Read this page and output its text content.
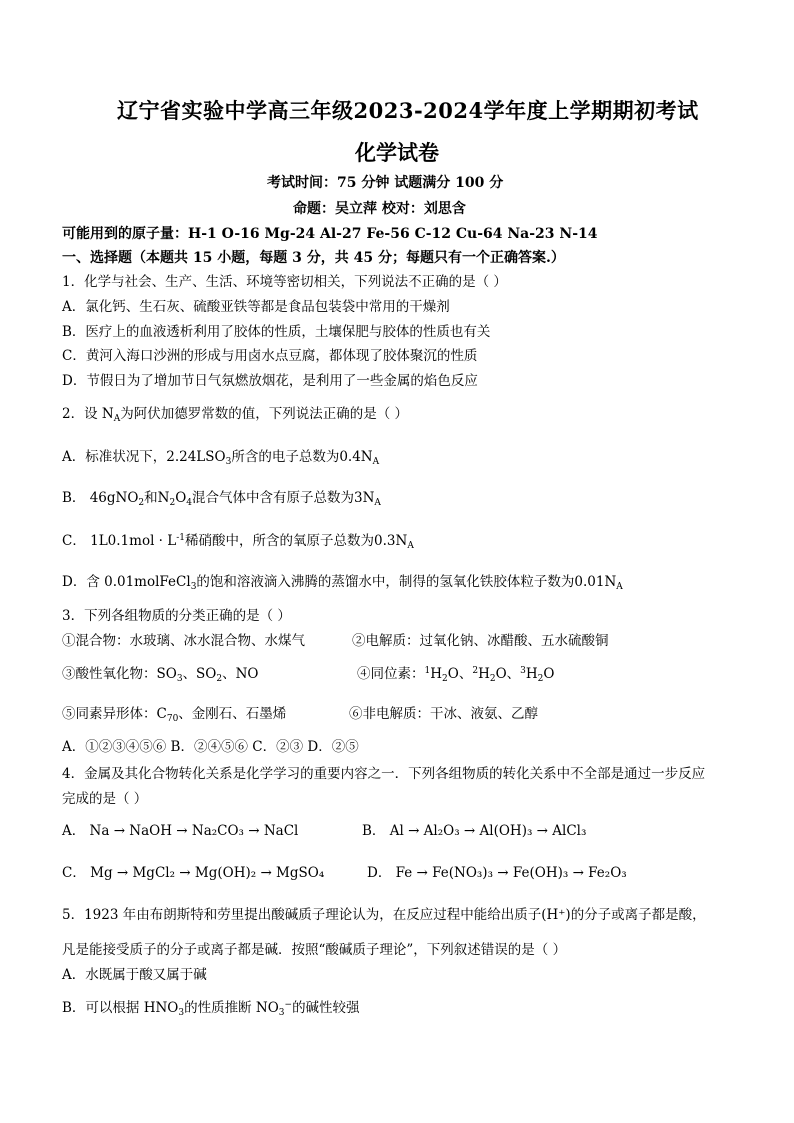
辽宁省实验中学高三年级2023-2024学年度上学期期初考试
化学试卷
考试时间：75 分钟 试题满分 100 分
命题：吴立萍 校对：刘思含
可能用到的原子量：H-1 O-16 Mg-24 Al-27 Fe-56 C-12 Cu-64 Na-23 N-14
一、选择题（本题共 15 小题，每题 3 分，共 45 分；每题只有一个正确答案.）
1．化学与社会、生产、生活、环境等密切相关，下列说法不正确的是（ ）
A．氯化钙、生石灰、硫酸亚铁等都是食品包装袋中常用的干燥剂
B．医疗上的血液透析利用了胶体的性质，土壤保肥与胶体的性质也有关
C．黄河入海口沙洲的形成与用卤水点豆腐，都体现了胶体聚沉的性质
D．节假日为了增加节日气氛燃放烟花，是利用了一些金属的焰色反应
2．设 $N_A$为阿伏加德罗常数的值，下列说法正确的是（ ）
A．标准状况下，$2.24LSO_3$所含的电子总数为$0.4N_A$
B． 46gNO$_2$和$N_2O_4$混合气体中含有原子总数为$3N_A$
C． $1L0.1mol \cdot L^{-1}$稀硝酸中，所含的氧原子总数为$0.3N_A$
D．含 0.01molFeCl$_3$的饱和溶液滴入沸腾的蒸馏水中，制得的氢氧化铁胶体粒子数为$0.01N_A$
3．下列各组物质的分类正确的是（ ）
①混合物：水玻璃、冰水混合物、水煤气	②电解质：过氧化钠、冰醋酸、五水硫酸铜
③酸性氧化物：$SO_3$、$SO_2$、NO	④同位素：$^1H_2O$、$^2H_2O$、$^3H_2O$
⑤同素异形体：$C_{70}$、金刚石、石墨烯	⑥非电解质：干冰、液氨、乙醇
A．①②③④⑤⑥ B．②④⑤⑥ C．②③ D．②⑤
4．金属及其化合物转化关系是化学学习的重要内容之一．下列各组物质的转化关系中不全部是通过一步反应
完成的是（ ）
A． Na → NaOH → Na₂CO₃ → NaCl	B． Al → Al₂O₃ → Al(OH)₃ → AlCl₃
C． Mg → MgCl₂ → Mg(OH)₂ → MgSO₄	D． Fe → Fe(NO₃)₃ → Fe(OH)₃ → Fe₂O₃
5．1923 年由布朗斯特和劳里提出酸碱质子理论认为，在反应过程中能给出质子(H⁺)的分子或离子都是酸，
凡是能接受质子的分子或离子都是碱．按照“酸碱质子理论”，下列叙述错误的是（ ）
A．水既属于酸又属于碱
B．可以根据 $HNO_3$的性质推断 $NO_3^-$的碱性较强
